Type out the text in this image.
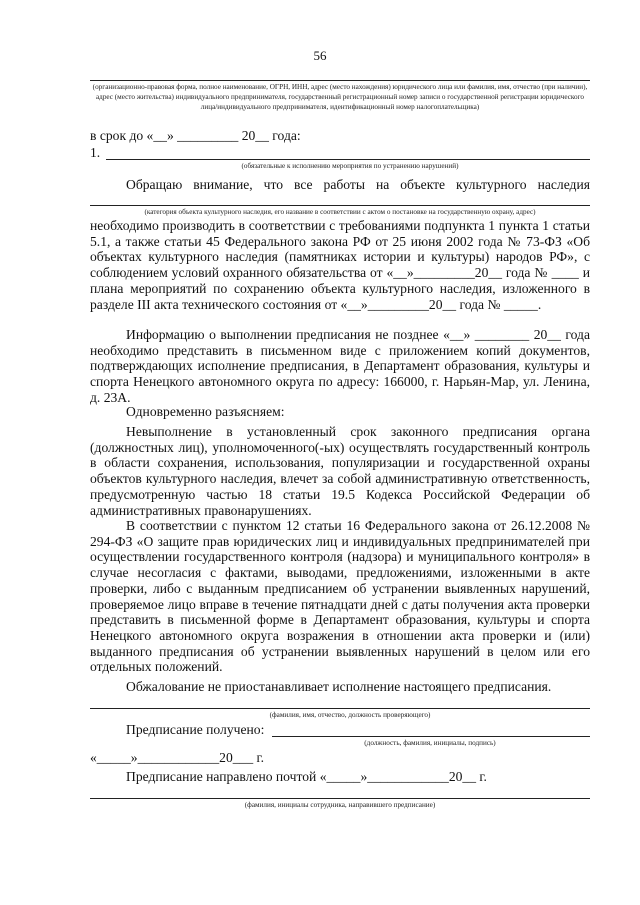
56
(организационно-правовая форма, полное наименование, ОГРН, ИНН, адрес (место нахождения) юридического лица или фамилия, имя, отчество (при наличии), адрес (место жительства) индивидуального предпринимателя, государственный регистрационный номер записи о государственной регистрации юридического лица/индивидуального предпринимателя, идентификационный номер налогоплательщика)
в срок до «__» _________ 20__ года:
1.
(обязательные к исполнению мероприятия по устранению нарушений)
Обращаю внимание, что все работы на объекте культурного наследия
(категория объекта культурного наследия, его название в соответствии с актом о постановке на государственную охрану, адрес)
необходимо производить в соответствии с требованиями подпункта 1 пункта 1 статьи 5.1, а также статьи 45 Федерального закона РФ от 25 июня 2002 года № 73-ФЗ «Об объектах культурного наследия (памятниках истории и культуры) народов РФ», с соблюдением условий охранного обязательства от «__»_________20__ года № ____ и плана мероприятий по сохранению объекта культурного наследия, изложенного в разделе III акта технического состояния от «__»_________20__ года № _____.
Информацию о выполнении предписания не позднее «__» ________ 20__ года необходимо представить в письменном виде с приложением копий документов, подтверждающих исполнение предписания, в Департамент образования, культуры и спорта Ненецкого автономного округа по адресу: 166000, г. Нарьян-Мар, ул. Ленина, д. 23А.
Одновременно разъясняем:
Невыполнение в установленный срок законного предписания органа (должностных лиц), уполномоченного(-ых) осуществлять государственный контроль в области сохранения, использования, популяризации и государственной охраны объектов культурного наследия, влечет за собой административную ответственность, предусмотренную частью 18 статьи 19.5 Кодекса Российской Федерации об административных правонарушениях.
В соответствии с пунктом 12 статьи 16 Федерального закона от 26.12.2008 № 294-ФЗ «О защите прав юридических лиц и индивидуальных предпринимателей при осуществлении государственного контроля (надзора) и муниципального контроля» в случае несогласия с фактами, выводами, предложениями, изложенными в акте проверки, либо с выданным предписанием об устранении выявленных нарушений, проверяемое лицо вправе в течение пятнадцати дней с даты получения акта проверки представить в письменной форме в Департамент образования, культуры и спорта Ненецкого автономного округа возражения в отношении акта проверки и (или) выданного предписания об устранении выявленных нарушений в целом или его отдельных положений.
Обжалование не приостанавливает исполнение настоящего предписания.
(фамилия, имя, отчество, должность проверяющего)
Предписание получено:
(должность, фамилия, инициалы, подпись)
«_____»____________20___ г.
Предписание направлено почтой «_____»____________20__ г.
(фамилия, инициалы сотрудника, направившего предписание)
